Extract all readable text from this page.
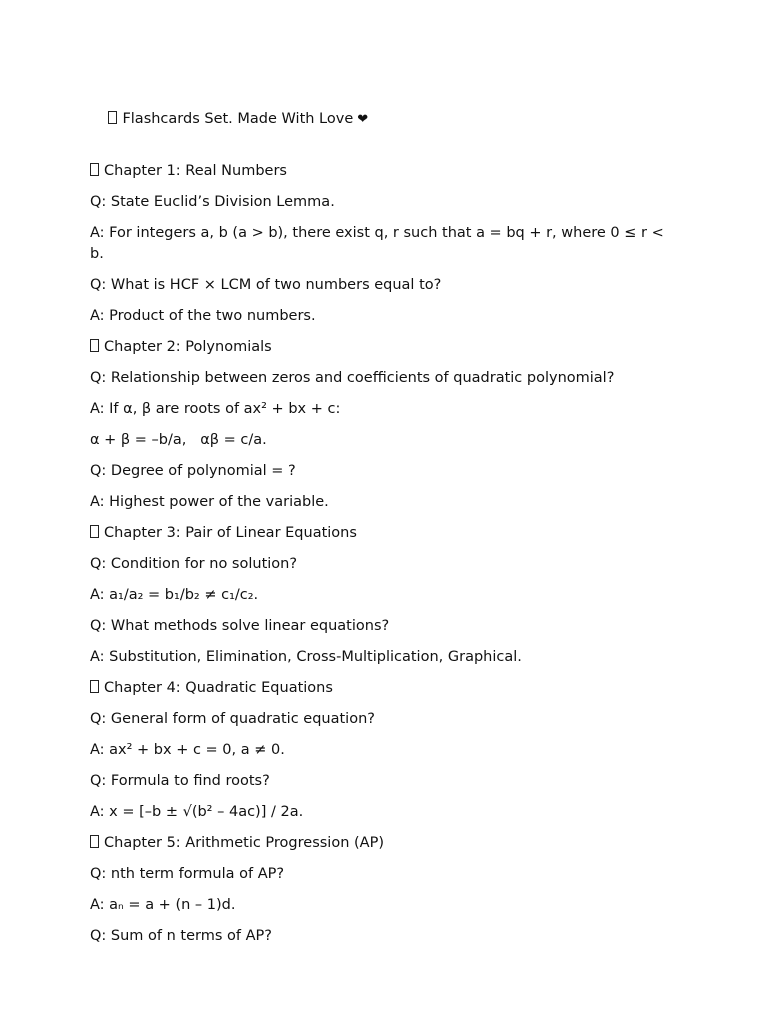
Flashcards Set. Made With Love ❤

Chapter 1: Real Numbers
Q: State Euclid’s Division Lemma.
A: For integers a, b (a > b), there exist q, r such that a = bq + r, where 0 ≤ r < b.
Q: What is HCF × LCM of two numbers equal to?
A: Product of the two numbers.
Chapter 2: Polynomials
Q: Relationship between zeros and coefficients of quadratic polynomial?
A: If α, β are roots of ax² + bx + c:
α + β = –b/a,   αβ = c/a.
Q: Degree of polynomial = ?
A: Highest power of the variable.
Chapter 3: Pair of Linear Equations
Q: Condition for no solution?
A: a₁/a₂ = b₁/b₂ ≠ c₁/c₂.
Q: What methods solve linear equations?
A: Substitution, Elimination, Cross-Multiplication, Graphical.
Chapter 4: Quadratic Equations
Q: General form of quadratic equation?
A: ax² + bx + c = 0, a ≠ 0.
Q: Formula to find roots?
A: x = [–b ± √(b² – 4ac)] / 2a.
Chapter 5: Arithmetic Progression (AP)
Q: nth term formula of AP?
A: aₙ = a + (n – 1)d.
Q: Sum of n terms of AP?
